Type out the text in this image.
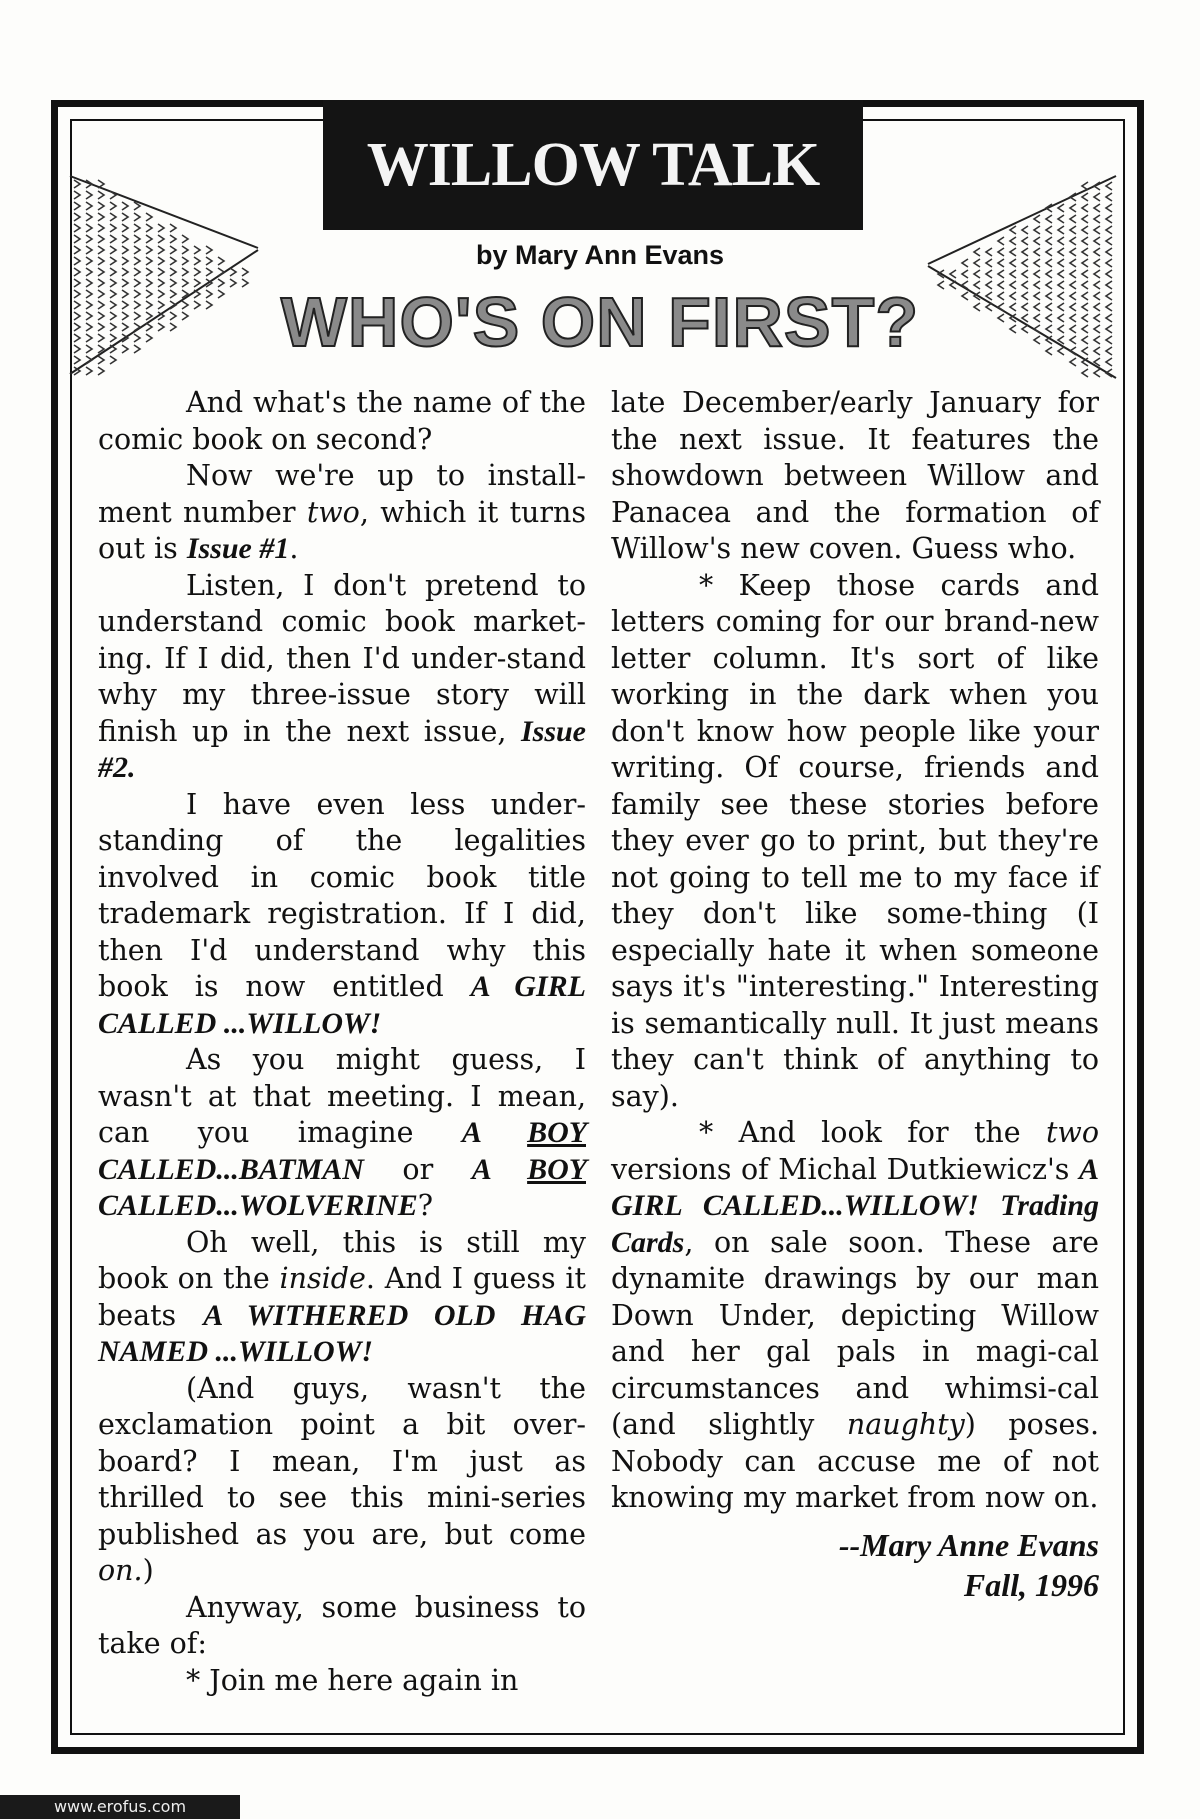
WILLOW TALK
by Mary Ann Evans
WHO'S ON FIRST?

And what's the name of the comic book on second?

Now we're up to install-ment number two, which it turns out is Issue #1.

Listen, I don't pretend to understand comic book market-ing. If I did, then I'd under-stand why my three-issue story will finish up in the next issue, Issue #2.

I have even less under-standing of the legalities involved in comic book title trademark registration. If I did, then I'd understand why this book is now entitled A GIRL CALLED ...WILLOW!

As you might guess, I wasn't at that meeting. I mean, can you imagine A BOY CALLED...BATMAN or A BOY CALLED...WOLVERINE?

Oh well, this is still my book on the inside. And I guess it beats A WITHERED OLD HAG NAMED ...WILLOW!

(And guys, wasn't the exclamation point a bit over-board? I mean, I'm just as thrilled to see this mini-series published as you are, but come on.)

Anyway, some business to take of:

* Join me here again in

late December/early January for the next issue. It features the showdown between Willow and Panacea and the formation of Willow's new coven. Guess who.

* Keep those cards and letters coming for our brand-new letter column. It's sort of like working in the dark when you don't know how people like your writing. Of course, friends and family see these stories before they ever go to print, but they're not going to tell me to my face if they don't like some-thing (I especially hate it when someone says it's "interesting." Interesting is semantically null. It just means they can't think of anything to say).

* And look for the two versions of Michal Dutkiewicz's A GIRL CALLED...WILLOW! Trading Cards, on sale soon. These are dynamite drawings by our man Down Under, depicting Willow and her gal pals in magi-cal circumstances and whimsi-cal (and slightly naughty) poses. Nobody can accuse me of not knowing my market from now on.

--Mary Anne Evans
Fall, 1996
www.erofus.com
